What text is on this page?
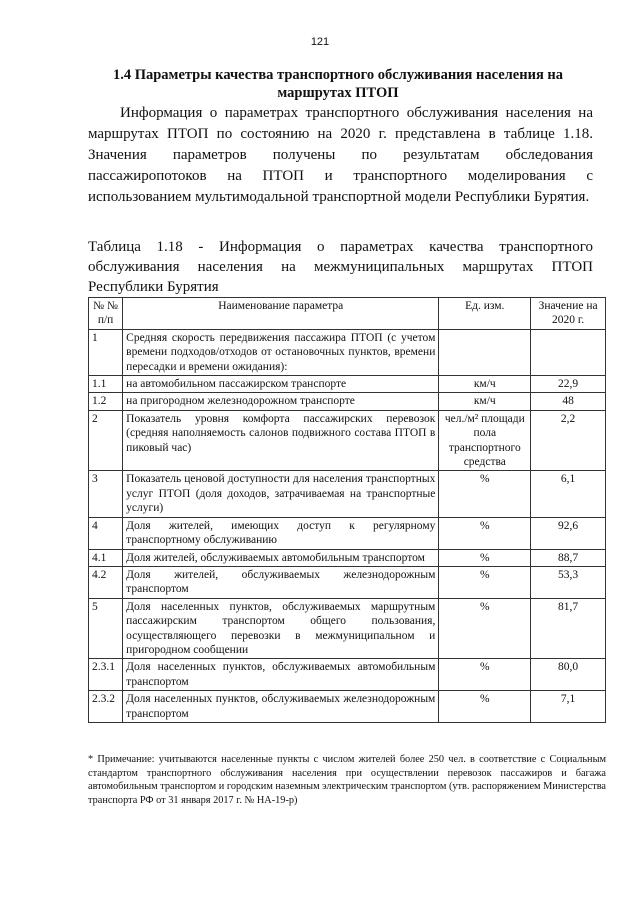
121
1.4 Параметры качества транспортного обслуживания населения на
маршрутах ПТОП

Информация о параметрах транспортного обслуживания населения на маршрутах ПТОП по состоянию на 2020 г. представлена в таблице 1.18. Значения параметров получены по результатам обследования пассажиропотоков на ПТОП и транспортного моделирования с использованием мультимодальной транспортной модели Республики Бурятия.

Таблица 1.18 - Информация о параметрах качества транспортного обслуживания населения на межмуниципальных маршрутах ПТОП Республики Бурятия

№ № п/п	Наименование параметра	Ед. изм.	Значение на 2020 г.
1	Средняя скорость передвижения пассажира ПТОП (с учетом времени подходов/отходов от остановочных пунктов, времени пересадки и времени ожидания):		
1.1	на автомобильном пассажирском транспорте	км/ч	22,9
1.2	на пригородном железнодорожном транспорте	км/ч	48
2	Показатель уровня комфорта пассажирских перевозок (средняя наполняемость салонов подвижного состава ПТОП в пиковый час)	чел./м² площади пола транспортного средства	2,2
3	Показатель ценовой доступности для населения транспортных услуг ПТОП (доля доходов, затрачиваемая на транспортные услуги)	%	6,1
4	Доля жителей, имеющих доступ к регулярному транспортному обслуживанию	%	92,6
4.1	Доля жителей, обслуживаемых автомобильным транспортом	%	88,7
4.2	Доля жителей, обслуживаемых железнодорожным транспортом	%	53,3
5	Доля населенных пунктов, обслуживаемых маршрутным пассажирским транспортом общего пользования, осуществляющего перевозки в межмуниципальном и пригородном сообщении	%	81,7
2.3.1	Доля населенных пунктов, обслуживаемых автомобильным транспортом	%	80,0
2.3.2	Доля населенных пунктов, обслуживаемых железнодорожным транспортом	%	7,1

* Примечание: учитываются населенные пункты с числом жителей более 250 чел. в соответствие с Социальным стандартом транспортного обслуживания населения при осуществлении перевозок пассажиров и багажа автомобильным транспортом и городским наземным электрическим транспортом (утв. распоряжением Министерства транспорта РФ от 31 января 2017 г. № НА-19-р)
